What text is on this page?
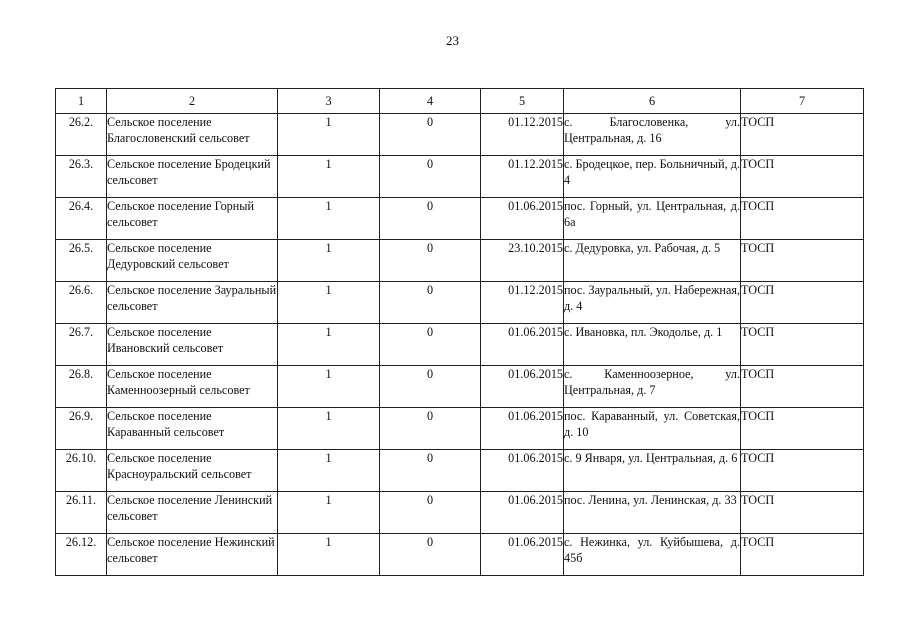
23
1	2	3	4	5	6	7
26.2.	Сельское поселение Благословенский сельсовет	1	0	01.12.2015	с. Благословенка, ул. Центральная, д. 16	ТОСП
26.3.	Сельское поселение Бродецкий сельсовет	1	0	01.12.2015	с. Бродецкое, пер. Больничный, д. 4	ТОСП
26.4.	Сельское поселение Горный сельсовет	1	0	01.06.2015	пос. Горный, ул. Центральная, д. 6а	ТОСП
26.5.	Сельское поселение Дедуровский сельсовет	1	0	23.10.2015	с. Дедуровка, ул. Рабочая, д. 5	ТОСП
26.6.	Сельское поселение Зауральный сельсовет	1	0	01.12.2015	пос. Зауральный, ул. Набережная, д. 4	ТОСП
26.7.	Сельское поселение Ивановский сельсовет	1	0	01.06.2015	с. Ивановка, пл. Экодолье, д. 1	ТОСП
26.8.	Сельское поселение Каменноозерный сельсовет	1	0	01.06.2015	с. Каменноозерное, ул. Центральная, д. 7	ТОСП
26.9.	Сельское поселение Караванный сельсовет	1	0	01.06.2015	пос. Караванный, ул. Советская, д. 10	ТОСП
26.10.	Сельское поселение Красноуральский сельсовет	1	0	01.06.2015	с. 9 Января, ул. Центральная, д. 6	ТОСП
26.11.	Сельское поселение Ленинский сельсовет	1	0	01.06.2015	пос. Ленина, ул. Ленинская, д. 33	ТОСП
26.12.	Сельское поселение Нежинский сельсовет	1	0	01.06.2015	с. Нежинка, ул. Куйбышева, д. 45б	ТОСП
